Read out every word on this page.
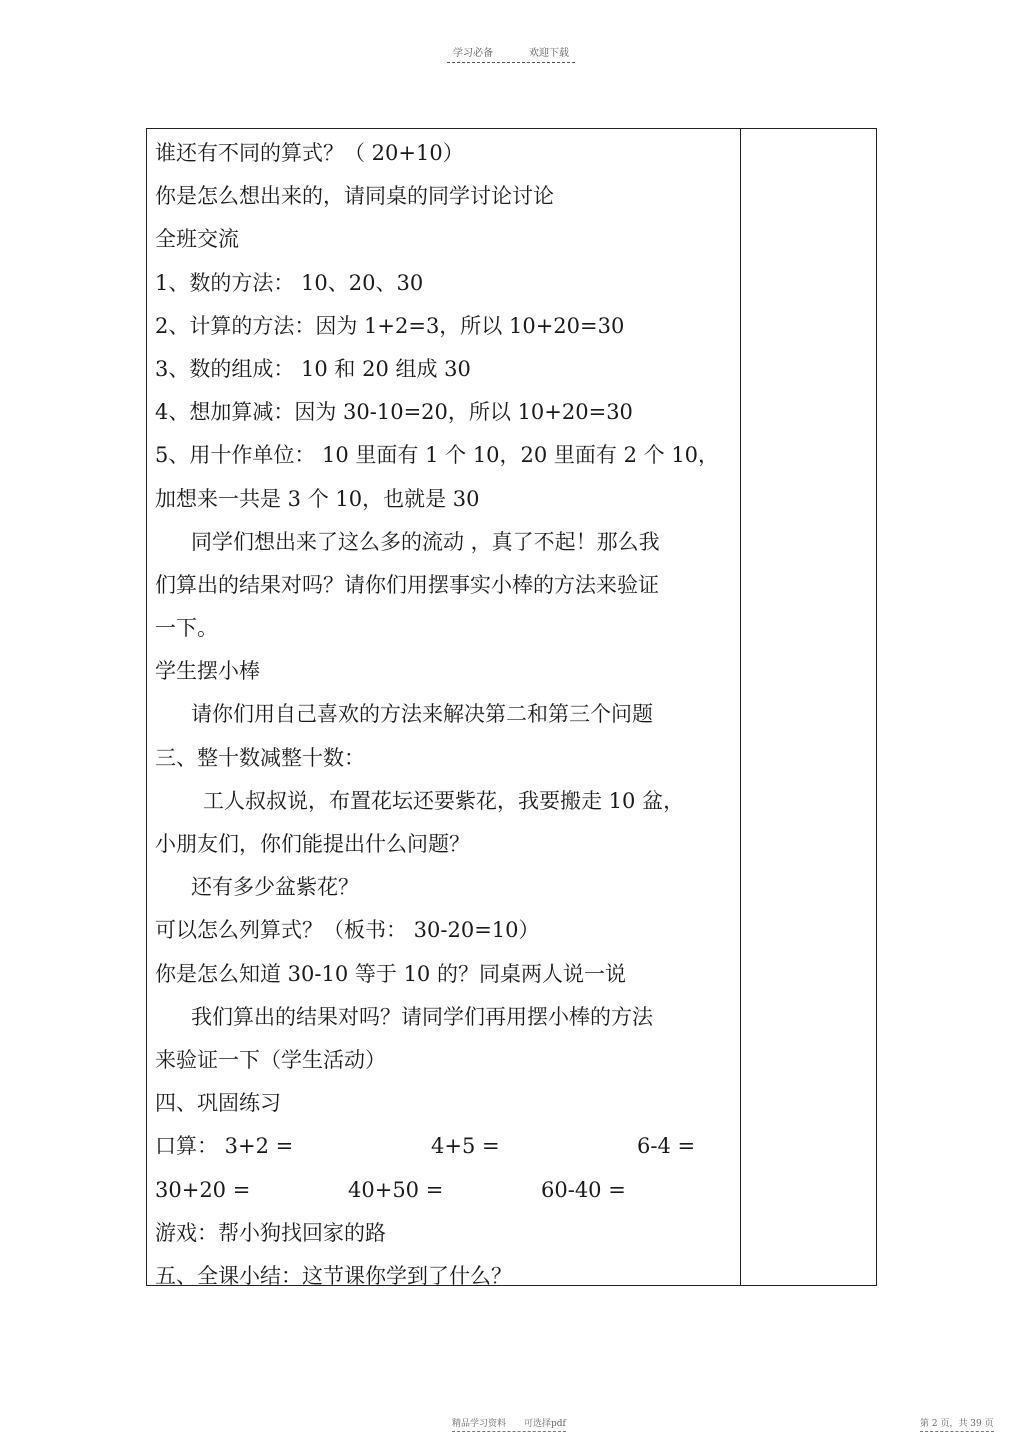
学习必备	欢迎下载
谁还有不同的算式？（ 20+10）
你是怎么想出来的，请同桌的同学讨论讨论
全班交流
1、数的方法： 10、20、30
2、计算的方法：因为 1+2=3，所以 10+20=30
3、数的组成： 10 和 20 组成 30
4、想加算减：因为 30-10=20，所以 10+20=30
5、用十作单位： 10 里面有 1 个 10，20 里面有 2 个 10，
加想来一共是 3 个 10，也就是 30
同学们想出来了这么多的流动 ，真了不起！那么我
们算出的结果对吗？请你们用摆事实小棒的方法来验证
一下。
学生摆小棒
请你们用自己喜欢的方法来解决第二和第三个问题
三、整十数减整十数：
工人叔叔说，布置花坛还要紫花，我要搬走 10 盆，
小朋友们，你们能提出什么问题？
还有多少盆紫花？
可以怎么列算式？（板书： 30-20=10）
你是怎么知道 30-10 等于 10 的？同桌两人说一说
我们算出的结果对吗？请同学们再用摆小棒的方法
来验证一下（学生活动）
四、巩固练习
口算： 3+2 =	4+5 =	6-4 =
30+20 =	40+50 =	60-40 =
游戏：帮小狗找回家的路
五、全课小结：这节课你学到了什么？
精品学习资料　　可选择pdf	第 2 页，共 39 页
